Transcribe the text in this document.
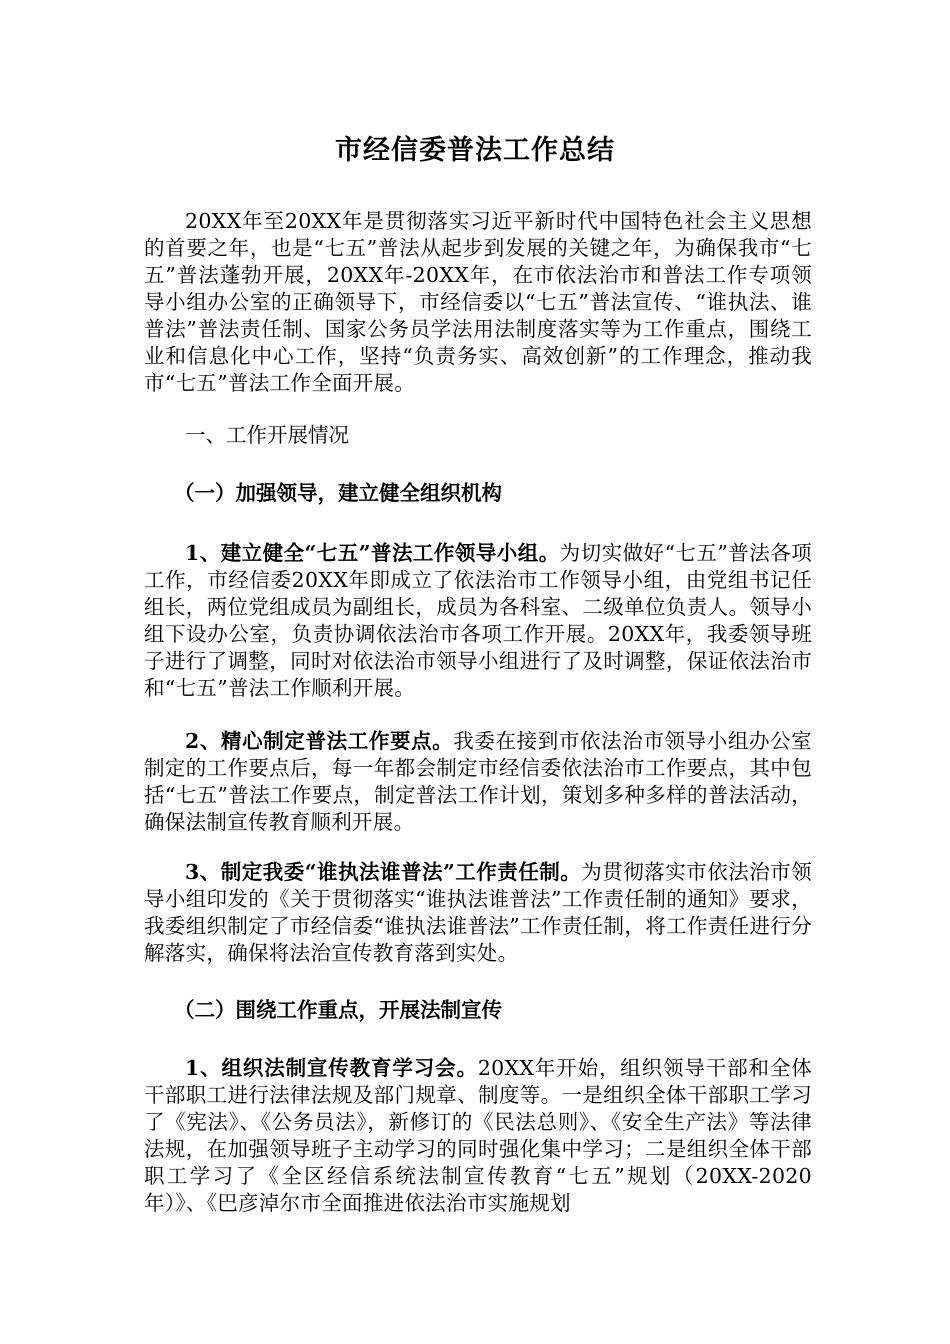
市经信委普法工作总结

20XX年至20XX年是贯彻落实习近平新时代中国特色社会主义思想的首要之年，也是“七五”普法从起步到发展的关键之年，为确保我市“七五”普法蓬勃开展，20XX年-20XX年，在市依法治市和普法工作专项领导小组办公室的正确领导下，市经信委以“七五”普法宣传、“谁执法、谁普法”普法责任制、国家公务员学法用法制度落实等为工作重点，围绕工业和信息化中心工作，坚持“负责务实、高效创新”的工作理念，推动我市“七五”普法工作全面开展。

一、工作开展情况

（一）加强领导，建立健全组织机构

1、建立健全“七五”普法工作领导小组。为切实做好“七五”普法各项工作，市经信委20XX年即成立了依法治市工作领导小组，由党组书记任组长，两位党组成员为副组长，成员为各科室、二级单位负责人。领导小组下设办公室，负责协调依法治市各项工作开展。20XX年，我委领导班子进行了调整，同时对依法治市领导小组进行了及时调整，保证依法治市和“七五”普法工作顺利开展。

2、精心制定普法工作要点。我委在接到市依法治市领导小组办公室制定的工作要点后，每一年都会制定市经信委依法治市工作要点，其中包括“七五”普法工作要点，制定普法工作计划，策划多种多样的普法活动，确保法制宣传教育顺利开展。

3、制定我委“谁执法谁普法”工作责任制。为贯彻落实市依法治市领导小组印发的《关于贯彻落实“谁执法谁普法”工作责任制的通知》要求，我委组织制定了市经信委“谁执法谁普法”工作责任制，将工作责任进行分解落实，确保将法治宣传教育落到实处。

（二）围绕工作重点，开展法制宣传

1、组织法制宣传教育学习会。20XX年开始，组织领导干部和全体干部职工进行法律法规及部门规章、制度等。一是组织全体干部职工学习了《宪法》、《公务员法》，新修订的《民法总则》、《安全生产法》等法律法规，在加强领导班子主动学习的同时强化集中学习；二是组织全体干部职工学习了《全区经信系统法制宣传教育“七五”规划（20XX-2020年）》、《巴彦淖尔市全面推进依法治市实施规划
